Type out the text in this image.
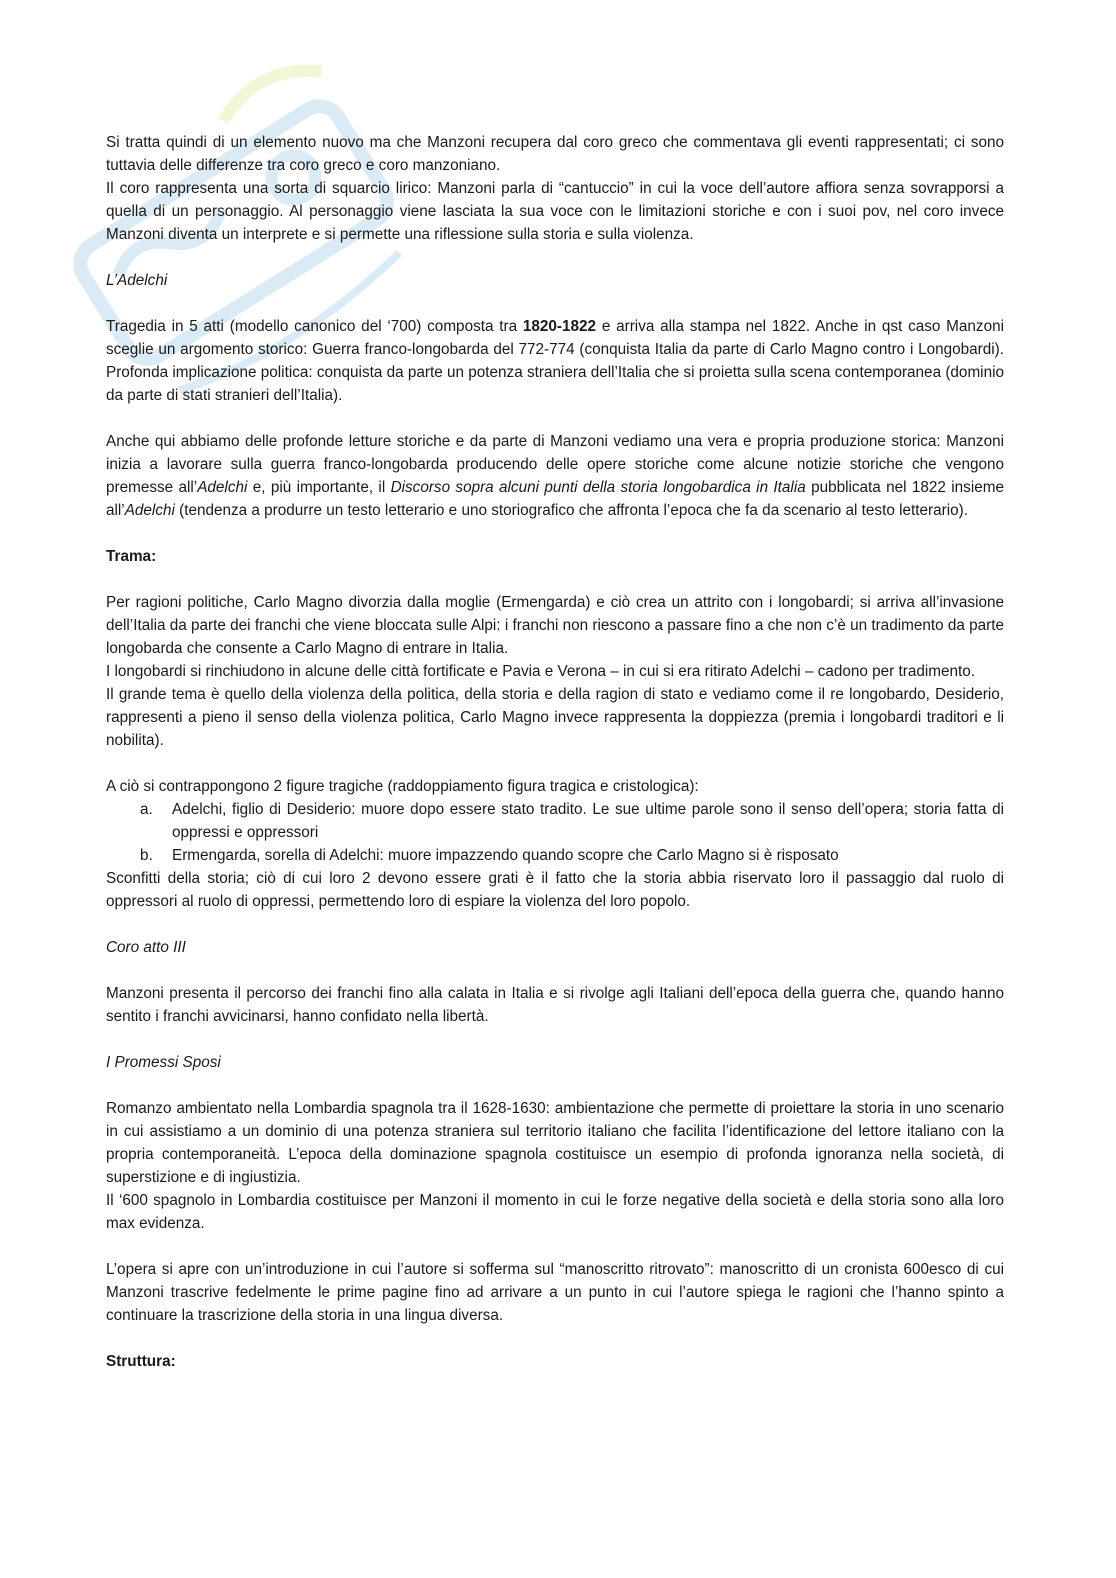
Si tratta quindi di un elemento nuovo ma che Manzoni recupera dal coro greco che commentava gli eventi rappresentati; ci sono tuttavia delle differenze tra coro greco e coro manzoniano.
Il coro rappresenta una sorta di squarcio lirico: Manzoni parla di “cantuccio” in cui la voce dell’autore affiora senza sovrapporsi a quella di un personaggio. Al personaggio viene lasciata la sua voce con le limitazioni storiche e con i suoi pov, nel coro invece Manzoni diventa un interprete e si permette una riflessione sulla storia e sulla violenza.

L’Adelchi

Tragedia in 5 atti (modello canonico del ‘700) composta tra 1820-1822 e arriva alla stampa nel 1822. Anche in qst caso Manzoni sceglie un argomento storico: Guerra franco-longobarda del 772-774 (conquista Italia da parte di Carlo Magno contro i Longobardi). Profonda implicazione politica: conquista da parte un potenza straniera dell’Italia che si proietta sulla scena contemporanea (dominio da parte di stati stranieri dell’Italia).

Anche qui abbiamo delle profonde letture storiche e da parte di Manzoni vediamo una vera e propria produzione storica: Manzoni inizia a lavorare sulla guerra franco-longobarda producendo delle opere storiche come alcune notizie storiche che vengono premesse all’Adelchi e, più importante, il Discorso sopra alcuni punti della storia longobardica in Italia pubblicata nel 1822 insieme all’Adelchi (tendenza a produrre un testo letterario e uno storiografico che affronta l’epoca che fa da scenario al testo letterario).

Trama:

Per ragioni politiche, Carlo Magno divorzia dalla moglie (Ermengarda) e ciò crea un attrito con i longobardi; si arriva all’invasione dell’Italia da parte dei franchi che viene bloccata sulle Alpi: i franchi non riescono a passare fino a che non c’è un tradimento da parte longobarda che consente a Carlo Magno di entrare in Italia.
I longobardi si rinchiudono in alcune delle città fortificate e Pavia e Verona – in cui si era ritirato Adelchi – cadono per tradimento.
Il grande tema è quello della violenza della politica, della storia e della ragion di stato e vediamo come il re longobardo, Desiderio, rappresenti a pieno il senso della violenza politica, Carlo Magno invece rappresenta la doppiezza (premia i longobardi traditori e li nobilita).

A ciò si contrappongono 2 figure tragiche (raddoppiamento figura tragica e cristologica):

a.	Adelchi, figlio di Desiderio: muore dopo essere stato tradito. Le sue ultime parole sono il senso dell’opera; storia fatta di oppressi e oppressori
b.	Ermengarda, sorella di Adelchi: muore impazzendo quando scopre che Carlo Magno si è risposato

Sconfitti della storia; ciò di cui loro 2 devono essere grati è il fatto che la storia abbia riservato loro il passaggio dal ruolo di oppressori al ruolo di oppressi, permettendo loro di espiare la violenza del loro popolo.

Coro atto III

Manzoni presenta il percorso dei franchi fino alla calata in Italia e si rivolge agli Italiani dell’epoca della guerra che, quando hanno sentito i franchi avvicinarsi, hanno confidato nella libertà.

I Promessi Sposi

Romanzo ambientato nella Lombardia spagnola tra il 1628-1630: ambientazione che permette di proiettare la storia in uno scenario in cui assistiamo a un dominio di una potenza straniera sul territorio italiano che facilita l’identificazione del lettore italiano con la propria contemporaneità. L’epoca della dominazione spagnola costituisce un esempio di profonda ignoranza nella società, di superstizione e di ingiustizia.
Il ‘600 spagnolo in Lombardia costituisce per Manzoni il momento in cui le forze negative della società e della storia sono alla loro max evidenza.

L’opera si apre con un’introduzione in cui l’autore si sofferma sul “manoscritto ritrovato”: manoscritto di un cronista 600esco di cui Manzoni trascrive fedelmente le prime pagine fino ad arrivare a un punto in cui l’autore spiega le ragioni che l’hanno spinto a continuare la trascrizione della storia in una lingua diversa.

Struttura:
